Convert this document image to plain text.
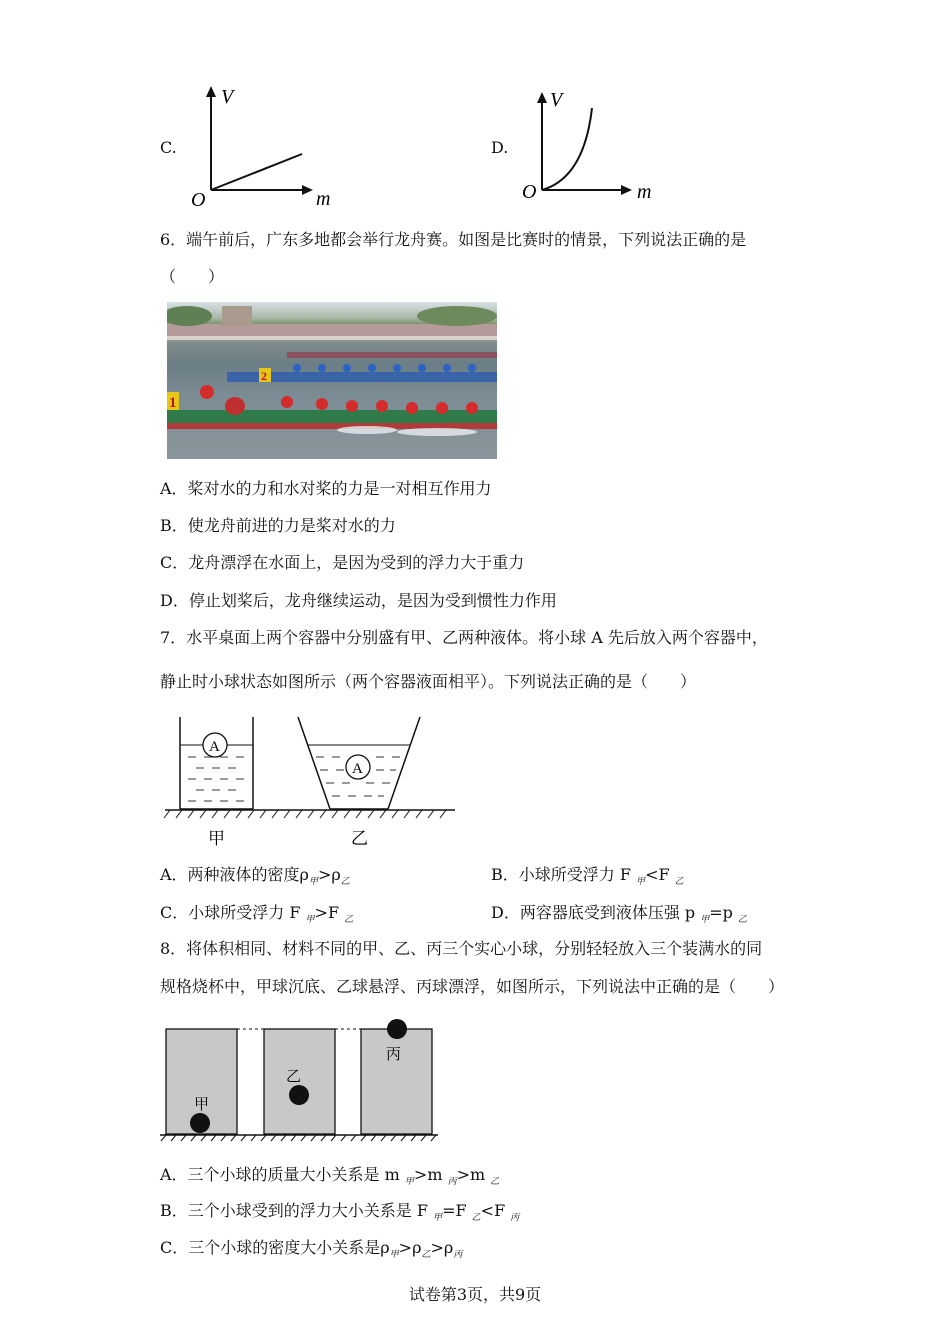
C.	D.
V
m
O
V
m
O
6．端午前后，广东多地都会举行龙舟赛。如图是比赛时的情景，下列说法正确的是
（　　）
1
2
A．桨对水的力和水对桨的力是一对相互作用力
B．使龙舟前进的力是桨对水的力
C．龙舟漂浮在水面上，是因为受到的浮力大于重力
D．停止划桨后，龙舟继续运动，是因为受到惯性力作用
7．水平桌面上两个容器中分别盛有甲、乙两种液体。将小球 A 先后放入两个容器中，
静止时小球状态如图所示（两个容器液面相平）。下列说法正确的是（　　）
A
A
甲	乙
A．两种液体的密度$\rho_甲>\rho_乙$	B．小球所受浮力 F $_甲$<F $_乙$
C．小球所受浮力 F $_甲$>F $_乙$	D．两容器底受到液体压强 p $_甲$=p $_乙$
8．将体积相同、材料不同的甲、乙、丙三个实心小球，分别轻轻放入三个装满水的同
规格烧杯中，甲球沉底、乙球悬浮、丙球漂浮，如图所示，下列说法中正确的是（　　）
甲
乙
丙
A．三个小球的质量大小关系是 m $_甲$>m $_丙$>m $_乙$
B．三个小球受到的浮力大小关系是 F $_甲$=F $_乙$<F $_丙$
C．三个小球的密度大小关系是$\rho_甲>\rho_乙>\rho_丙$
试卷第3页，共9页
